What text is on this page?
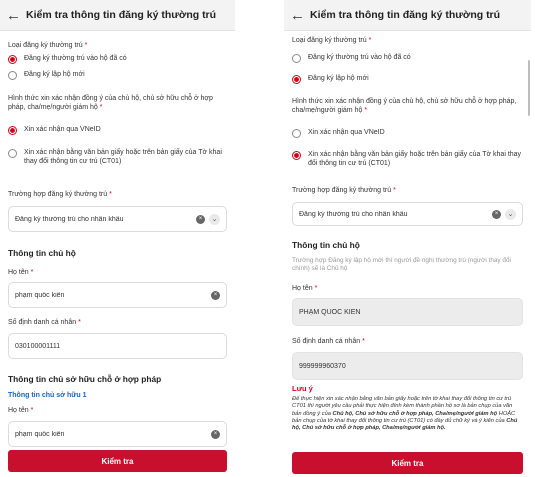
← Kiểm tra thông tin đăng ký thường trú
Loại đăng ký thường trú *
Đăng ký thường trú vào hộ đã có
Đăng ký lập hộ mới
Hình thức xin xác nhận đồng ý của chủ hộ, chủ sở hữu chỗ ở hợp pháp, cha/mẹ/người giám hộ *
Xin xác nhận qua VNeID
Xin xác nhận bằng văn bản giấy hoặc trên bản giấy của Tờ khai thay đổi thông tin cư trú (CT01)
Trường hợp đăng ký thường trú *
Đăng ký thường trú cho nhân khẩu	×	⌄
Thông tin chủ hộ
Họ tên *
phạm quốc kiên	×
Số định danh cá nhân *
030100001111
Thông tin chủ sở hữu chỗ ở hợp pháp
Thông tin chủ sở hữu 1
Họ tên *
phạm quốc kiên	×
Kiểm tra
← Kiểm tra thông tin đăng ký thường trú
Loại đăng ký thường trú *
Đăng ký thường trú vào hộ đã có
Đăng ký lập hộ mới
Hình thức xin xác nhận đồng ý của chủ hộ, chủ sở hữu chỗ ở hợp pháp, cha/mẹ/người giám hộ *
Xin xác nhận qua VNeID
Xin xác nhận bằng văn bản giấy hoặc trên bản giấy của Tờ khai thay đổi thông tin cư trú (CT01)
Trường hợp đăng ký thường trú *
Đăng ký thường trú cho nhân khẩu	×	⌄
Thông tin chủ hộ
Trường hợp Đăng ký lập hộ mới thì người đề nghị thường trú (người thay đổi chính) sẽ là Chủ hộ
Họ tên *
PHẠM QUỐC KIÊN
Số định danh cá nhân *
999999960370
Lưu ý
Để thực hiện xin xác nhận bằng văn bản giấy hoặc trên tờ khai thay đổi thông tin cư trú CT01 thì người yêu cầu phải thực hiện đính kèm thành phần hồ sơ là bản chụp của văn bản đồng ý của Chủ hộ, Chủ sở hữu chỗ ở hợp pháp, Cha/mẹ/người giám hộ HOẶC bản chụp của tờ khai thay đổi thông tin cư trú (CT01) có đầy đủ chữ ký và ý kiến của Chủ hộ, Chủ sở hữu chỗ ở hợp pháp, Cha/mẹ/người giám hộ.
Kiểm tra
